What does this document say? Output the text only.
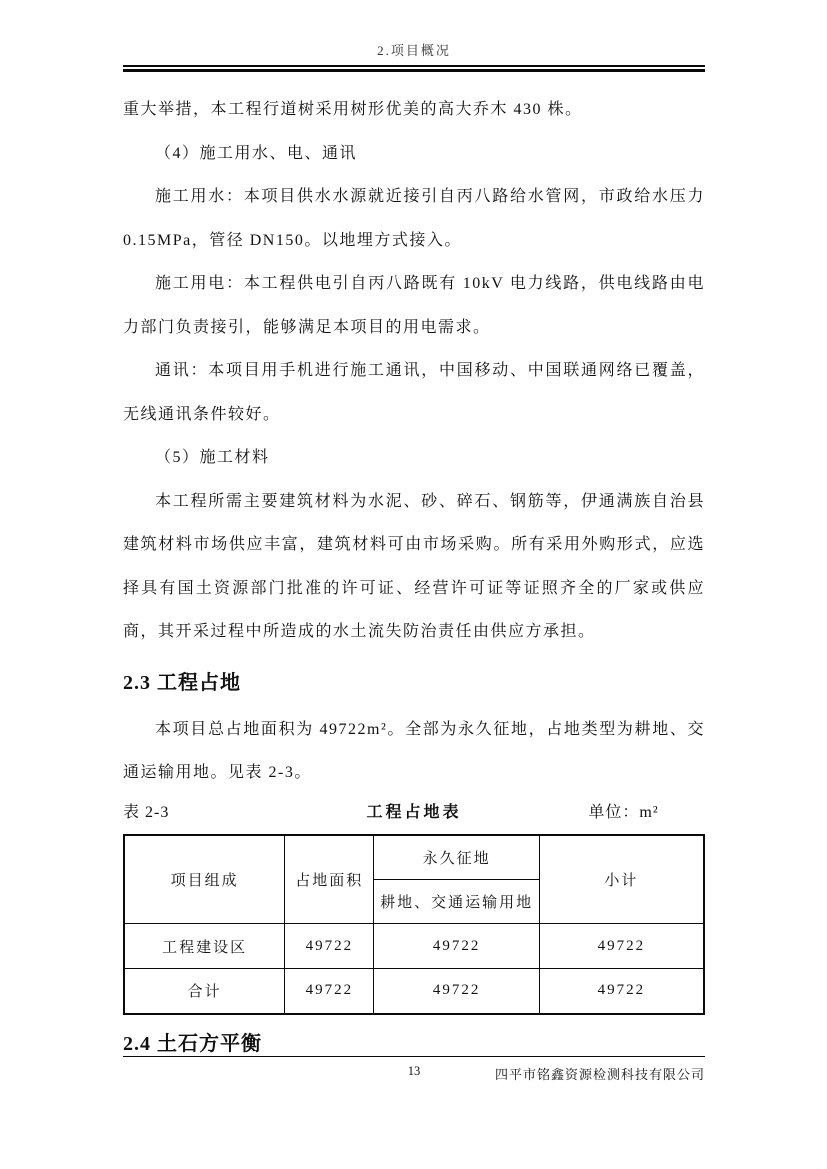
2.项目概况

重大举措，本工程行道树采用树形优美的高大乔木 430 株。

（4）施工用水、电、通讯

施工用水：本项目供水水源就近接引自丙八路给水管网，市政给水压力 0.15MPa，管径 DN150。以地埋方式接入。

施工用电：本工程供电引自丙八路既有 10kV 电力线路，供电线路由电力部门负责接引，能够满足本项目的用电需求。

通讯：本项目用手机进行施工通讯，中国移动、中国联通网络已覆盖，无线通讯条件较好。

（5）施工材料

本工程所需主要建筑材料为水泥、砂、碎石、钢筋等，伊通满族自治县建筑材料市场供应丰富，建筑材料可由市场采购。所有采用外购形式，应选择具有国土资源部门批准的许可证、经营许可证等证照齐全的厂家或供应商，其开采过程中所造成的水土流失防治责任由供应方承担。

2.3 工程占地

本项目总占地面积为 49722m²。全部为永久征地，占地类型为耕地、交通运输用地。见表 2-3。

表 2-3	工程占地表	单位：m²
项目组成	占地面积	永久征地	小计
		耕地、交通运输用地	
工程建设区	49722	49722	49722
合计	49722	49722	49722
2.4 土石方平衡
13	四平市铭鑫资源检测科技有限公司
